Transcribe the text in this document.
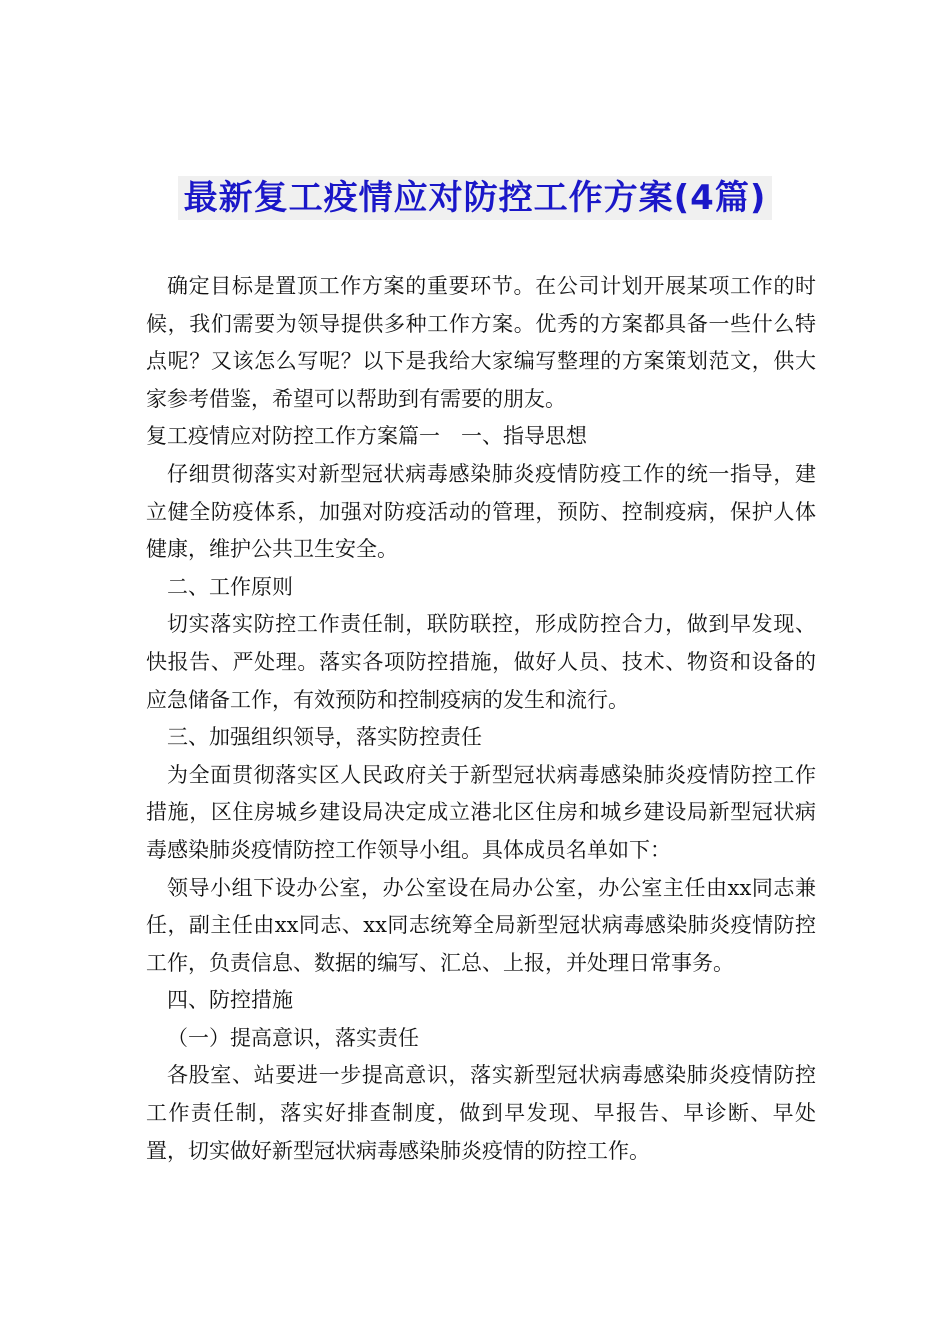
最新复工疫情应对防控工作方案(4篇)

确定目标是置顶工作方案的重要环节。在公司计划开展某项工作的时候，我们需要为领导提供多种工作方案。优秀的方案都具备一些什么特点呢？又该怎么写呢？以下是我给大家编写整理的方案策划范文，供大家参考借鉴，希望可以帮助到有需要的朋友。

复工疫情应对防控工作方案篇一　一、指导思想

仔细贯彻落实对新型冠状病毒感染肺炎疫情防疫工作的统一指导，建立健全防疫体系，加强对防疫活动的管理，预防、控制疫病，保护人体健康，维护公共卫生安全。

二、工作原则

切实落实防控工作责任制，联防联控，形成防控合力，做到早发现、快报告、严处理。落实各项防控措施，做好人员、技术、物资和设备的应急储备工作，有效预防和控制疫病的发生和流行。

三、加强组织领导，落实防控责任

为全面贯彻落实区人民政府关于新型冠状病毒感染肺炎疫情防控工作措施，区住房城乡建设局决定成立港北区住房和城乡建设局新型冠状病毒感染肺炎疫情防控工作领导小组。具体成员名单如下：

领导小组下设办公室，办公室设在局办公室，办公室主任由xx同志兼任，副主任由xx同志、xx同志统筹全局新型冠状病毒感染肺炎疫情防控工作，负责信息、数据的编写、汇总、上报，并处理日常事务。

四、防控措施

（一）提高意识，落实责任

各股室、站要进一步提高意识，落实新型冠状病毒感染肺炎疫情防控工作责任制，落实好排查制度，做到早发现、早报告、早诊断、早处置，切实做好新型冠状病毒感染肺炎疫情的防控工作。
